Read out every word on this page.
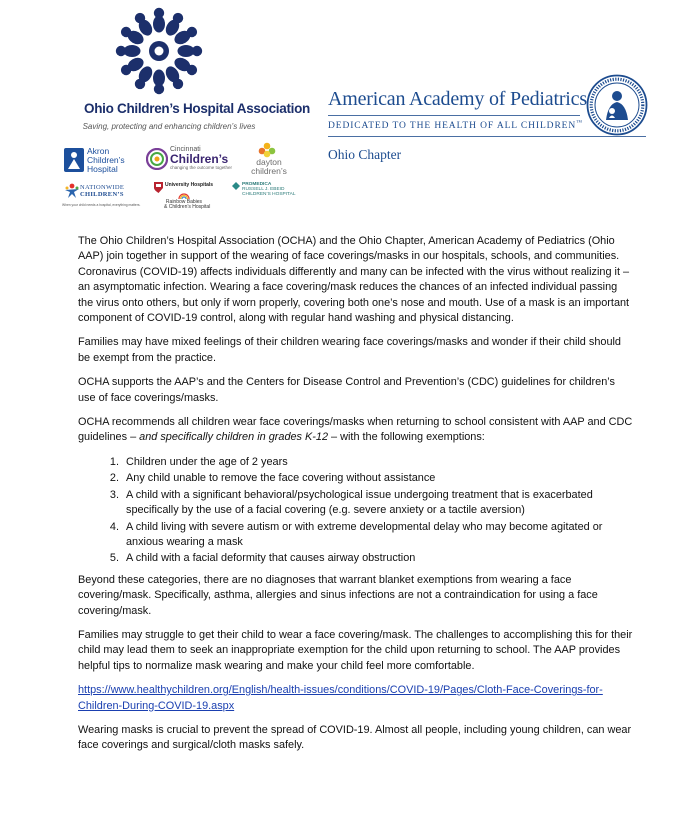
Ohio Children’s Hospital Association
Saving, protecting and enhancing children’s lives
Akron
Children’s
Hospital
Cincinnati
Children’s
changing the outcome together
dayton
children’s
NATIONWIDE
CHILDREN’S
When your child needs a hospital, everything matters.
University Hospitals
Rainbow Babies
& Children’s Hospital
PROMEDICA
RUSSELL J. EBEID
CHILDREN’S HOSPITAL
American Academy of Pediatrics
DEDICATED TO THE HEALTH OF ALL CHILDREN™
Ohio Chapter

The Ohio Children’s Hospital Association (OCHA) and the Ohio Chapter, American Academy of Pediatrics (Ohio AAP) join together in support of the wearing of face coverings/masks in our hospitals, schools, and communities. Coronavirus (COVID-19) affects individuals differently and many can be infected with the virus without realizing it – an asymptomatic infection. Wearing a face covering/mask reduces the chances of an infected individual passing the virus onto others, but only if worn properly, covering both one’s nose and mouth. Use of a mask is an important component of COVID-19 control, along with regular hand washing and physical distancing.

Families may have mixed feelings of their children wearing face coverings/masks and wonder if their child should be exempt from the practice.

OCHA supports the AAP’s and the Centers for Disease Control and Prevention’s (CDC) guidelines for children’s use of face coverings/masks.

OCHA recommends all children wear face coverings/masks when returning to school consistent with AAP and CDC guidelines – and specifically children in grades K-12 – with the following exemptions:

1. Children under the age of 2 years
2. Any child unable to remove the face covering without assistance
3. A child with a significant behavioral/psychological issue undergoing treatment that is exacerbated specifically by the use of a facial covering (e.g. severe anxiety or a tactile aversion)
4. A child living with severe autism or with extreme developmental delay who may become agitated or anxious wearing a mask
5. A child with a facial deformity that causes airway obstruction

Beyond these categories, there are no diagnoses that warrant blanket exemptions from wearing a face covering/mask. Specifically, asthma, allergies and sinus infections are not a contraindication for using a face covering/mask.

Families may struggle to get their child to wear a face covering/mask. The challenges to accomplishing this for their child may lead them to seek an inappropriate exemption for the child upon returning to school. The AAP provides helpful tips to normalize mask wearing and make your child feel more comfortable.

https://www.healthychildren.org/English/health-issues/conditions/COVID-19/Pages/Cloth-Face-Coverings-for-Children-During-COVID-19.aspx

Wearing masks is crucial to prevent the spread of COVID-19. Almost all people, including young children, can wear face coverings and surgical/cloth masks safely.
